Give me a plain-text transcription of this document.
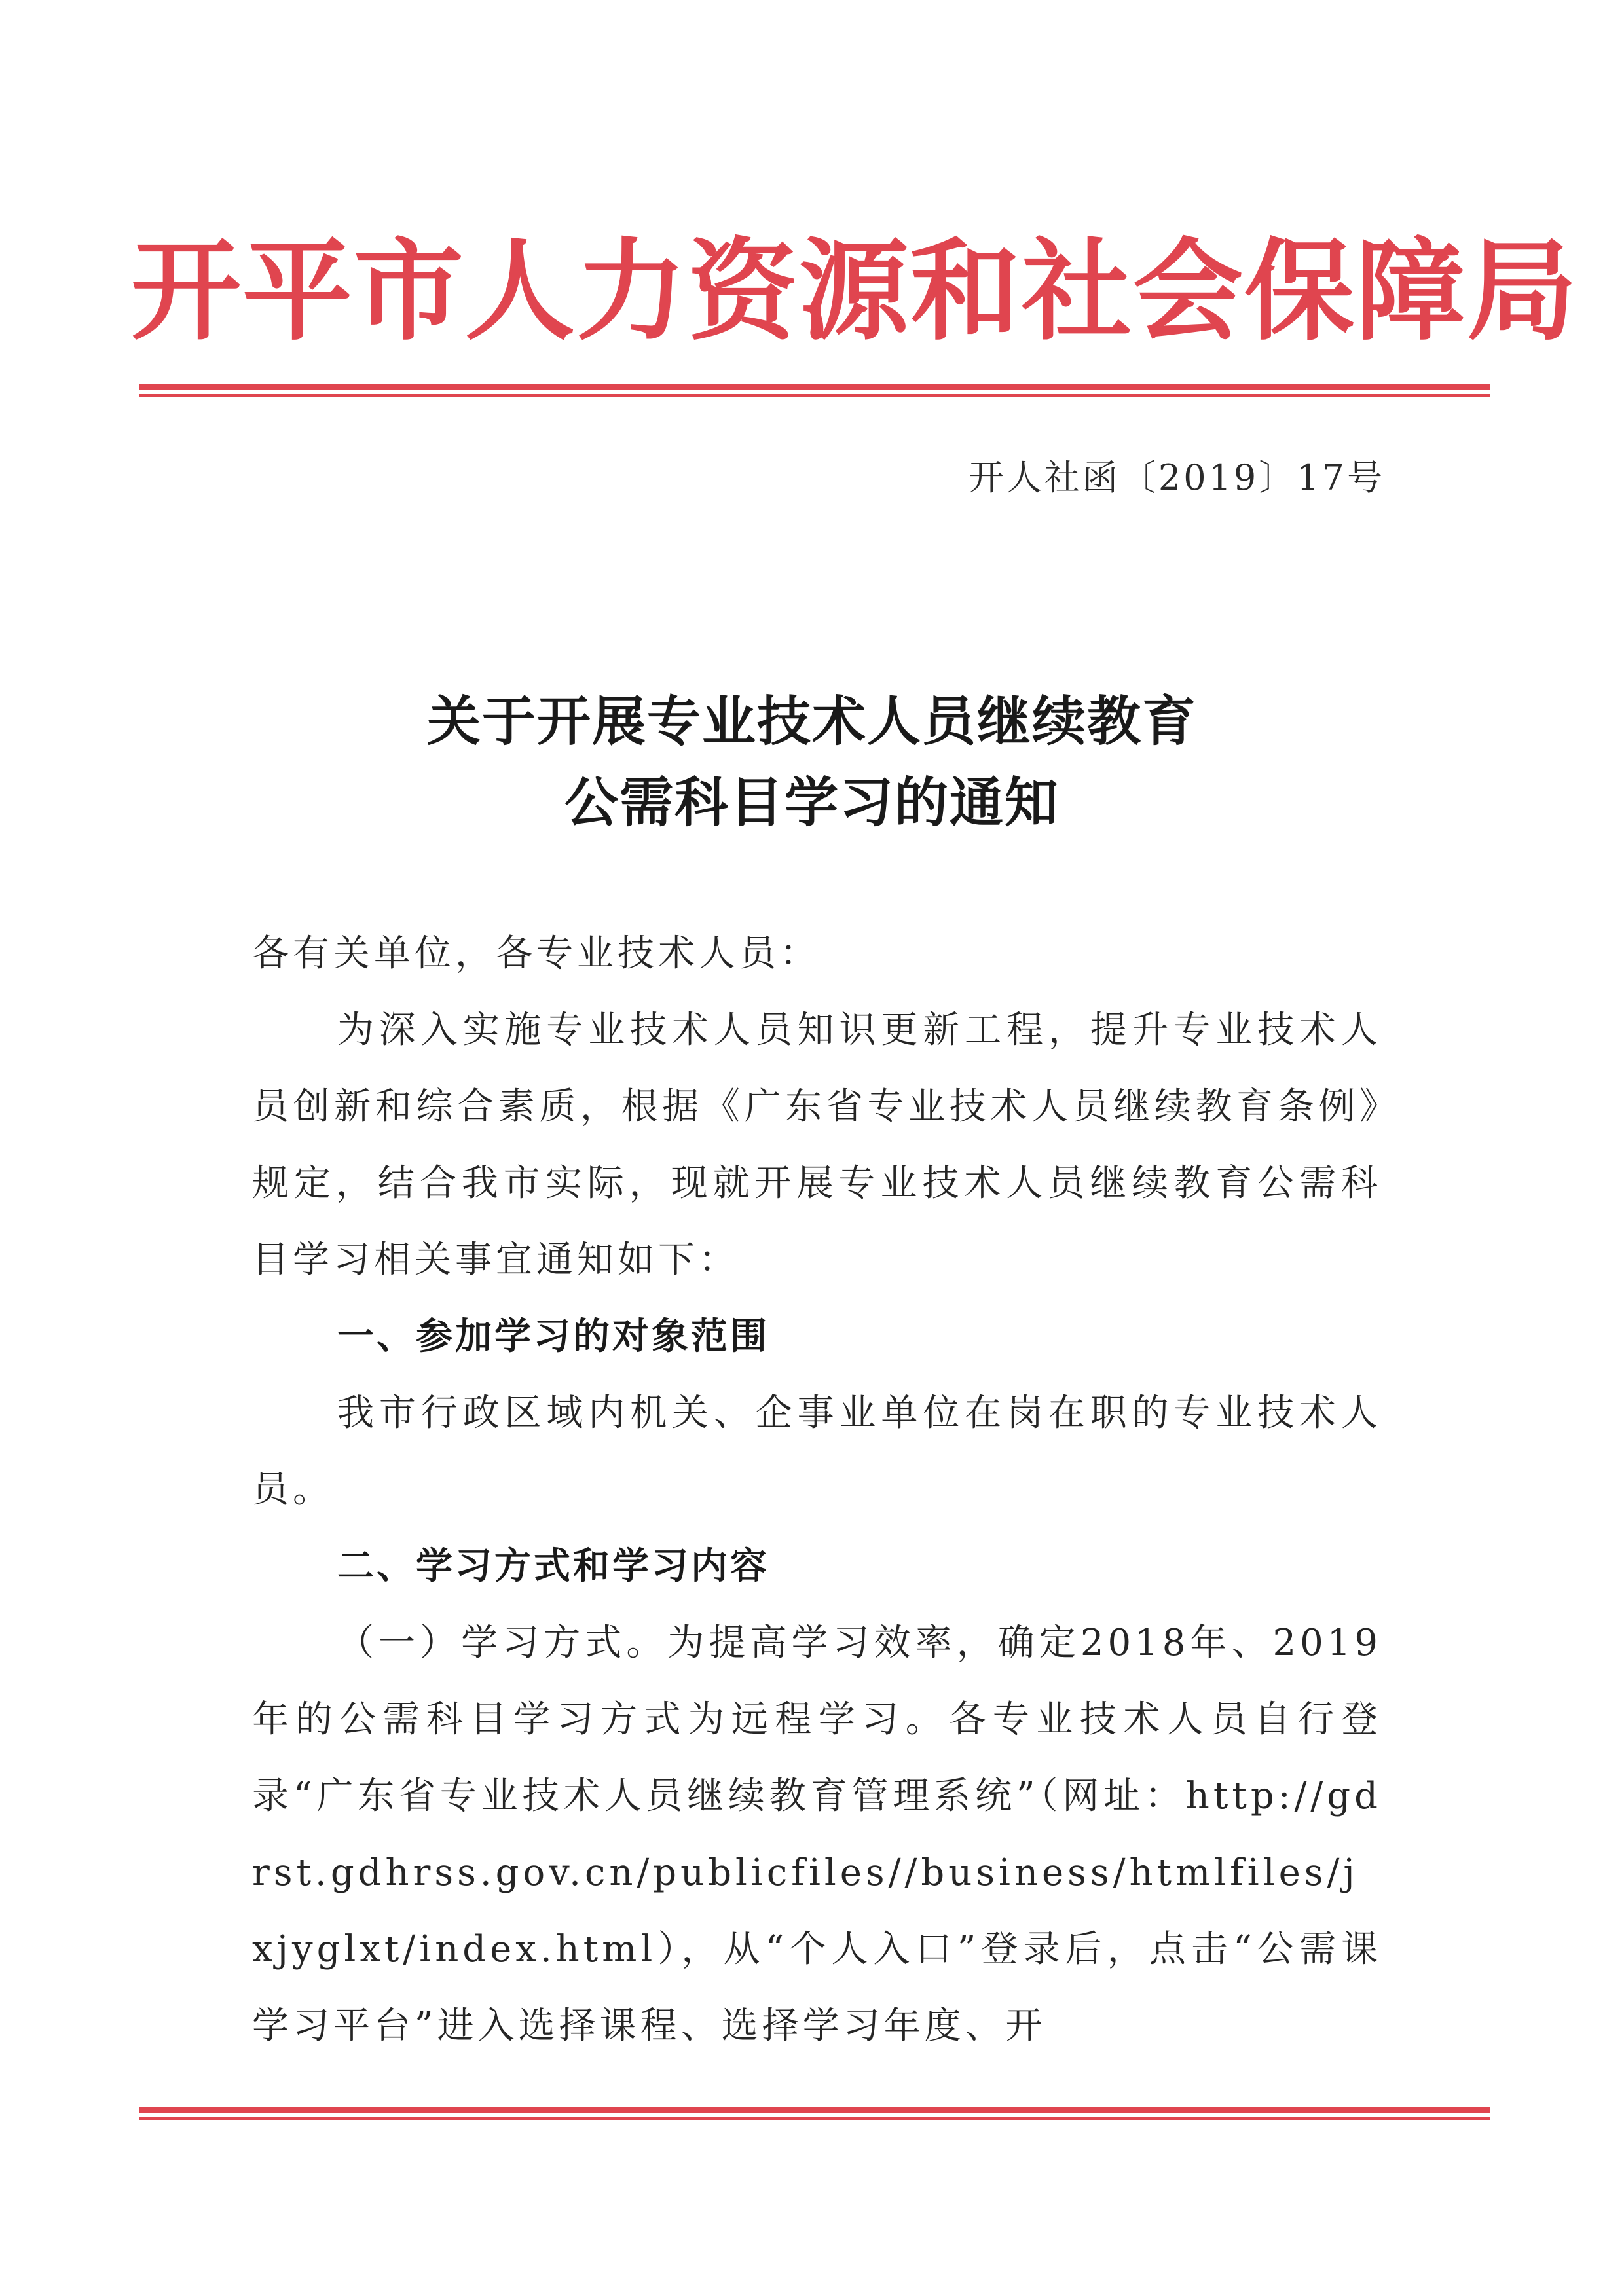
开平市人力资源和社会保障局
开人社函〔2019〕17号
关于开展专业技术人员继续教育
公需科目学习的通知

各有关单位，各专业技术人员：

为深入实施专业技术人员知识更新工程，提升专业技术人员创新和综合素质，根据《广东省专业技术人员继续教育条例》规定，结合我市实际，现就开展专业技术人员继续教育公需科目学习相关事宜通知如下：

一、参加学习的对象范围

我市行政区域内机关、企事业单位在岗在职的专业技术人员。

二、学习方式和学习内容

（一）学习方式。为提高学习效率，确定2018年、2019年的公需科目学习方式为远程学习。各专业技术人员自行登录“广东省专业技术人员继续教育管理系统”（网址：http://gdrst.gdhrss.gov.cn/publicfiles//business/htmlfiles/jxjyglxt/index.html），从“个人入口”登录后，点击“公需课学习平台”进入选择课程、选择学习年度、开
